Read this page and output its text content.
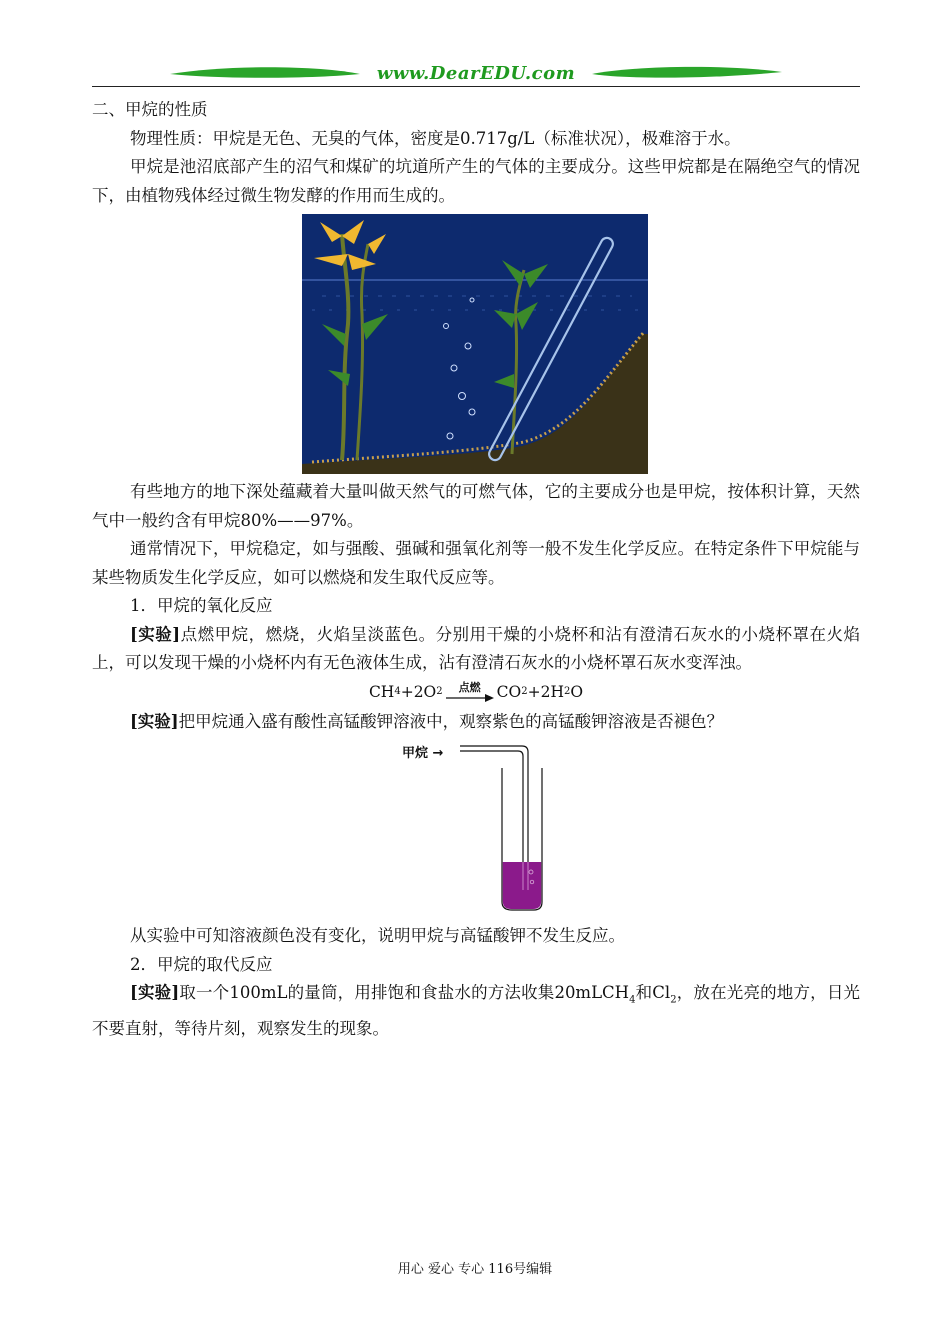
www.DearEDU.com

二、甲烷的性质

物理性质：甲烷是无色、无臭的气体，密度是0.717g/L（标准状况），极难溶于水。

甲烷是池沼底部产生的沼气和煤矿的坑道所产生的气体的主要成分。这些甲烷都是在隔绝空气的情况下，由植物残体经过微生物发酵的作用而生成的。

有些地方的地下深处蕴藏着大量叫做天然气的可燃气体，它的主要成分也是甲烷，按体积计算，天然气中一般约含有甲烷80%——97%。

通常情况下，甲烷稳定，如与强酸、强碱和强氧化剂等一般不发生化学反应。在特定条件下甲烷能与某些物质发生化学反应，如可以燃烧和发生取代反应等。

1．甲烷的氧化反应

[实验]点燃甲烷，燃烧，火焰呈淡蓝色。分别用干燥的小烧杯和沾有澄清石灰水的小烧杯罩在火焰上，可以发现干燥的小烧杯内有无色液体生成，沾有澄清石灰水的小烧杯罩石灰水变浑浊。

CH 4 +2O 2	点燃	CO 2 +2H 2 O

[实验]把甲烷通入盛有酸性高锰酸钾溶液中，观察紫色的高锰酸钾溶液是否褪色？

甲烷 →

从实验中可知溶液颜色没有变化，说明甲烷与高锰酸钾不发生反应。

2．甲烷的取代反应

[实验]取一个100mL的量筒，用排饱和食盐水的方法收集20mLCH$_4$和$Cl_2$，放在光亮的地方，日光不要直射，等待片刻，观察发生的现象。

用心 爱心 专心 116号编辑
